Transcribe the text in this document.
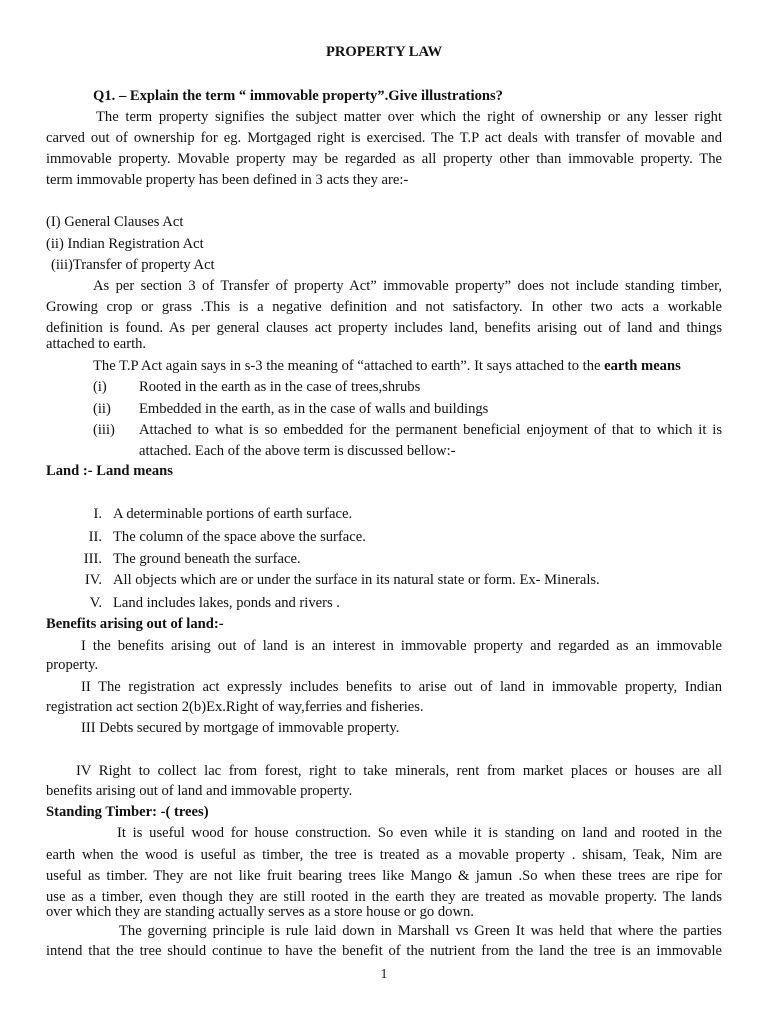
PROPERTY LAW
Q1. – Explain the term “ immovable property”.Give illustrations?
The term property signifies the subject matter over which the right of ownership or any lesser right
carved out of ownership for eg. Mortgaged right is exercised. The T.P act deals with transfer of movable and
immovable property. Movable property may be regarded as all property other than immovable property. The
term immovable property has been defined in 3 acts they are:-
(I) General Clauses Act
(ii) Indian Registration Act
(iii)Transfer of property Act
As per section 3 of Transfer of property Act” immovable property” does not include standing timber,
Growing crop or grass .This is a negative definition and not satisfactory. In other two acts a workable
definition is found. As per general clauses act property includes land, benefits arising out of land and things
attached to earth.
The T.P Act again says in s-3 the meaning of “attached to earth”. It says attached to the earth means
(i) Rooted in the earth as in the case of trees,shrubs
(ii) Embedded in the earth, as in the case of walls and buildings
(iii) Attached to what is so embedded for the permanent beneficial enjoyment of that to which it is
attached. Each of the above term is discussed bellow:-
Land :- Land means
I. A determinable portions of earth surface.
II. The column of the space above the surface.
III. The ground beneath the surface.
IV. All objects which are or under the surface in its natural state or form. Ex- Minerals.
V. Land includes lakes, ponds and rivers .
Benefits arising out of land:-
I the benefits arising out of land is an interest in immovable property and regarded as an immovable
property.
II The registration act expressly includes benefits to arise out of land in immovable property, Indian
registration act section 2(b)Ex.Right of way,ferries and fisheries.
III Debts secured by mortgage of immovable property.
IV Right to collect lac from forest, right to take minerals, rent from market places or houses are all
benefits arising out of land and immovable property.
Standing Timber: -( trees)
It is useful wood for house construction. So even while it is standing on land and rooted in the
earth when the wood is useful as timber, the tree is treated as a movable property . shisam, Teak, Nim are
useful as timber. They are not like fruit bearing trees like Mango & jamun .So when these trees are ripe for
use as a timber, even though they are still rooted in the earth they are treated as movable property. The lands
over which they are standing actually serves as a store house or go down.
The governing principle is rule laid down in Marshall vs Green It was held that where the parties
intend that the tree should continue to have the benefit of the nutrient from the land the tree is an immovable
1
